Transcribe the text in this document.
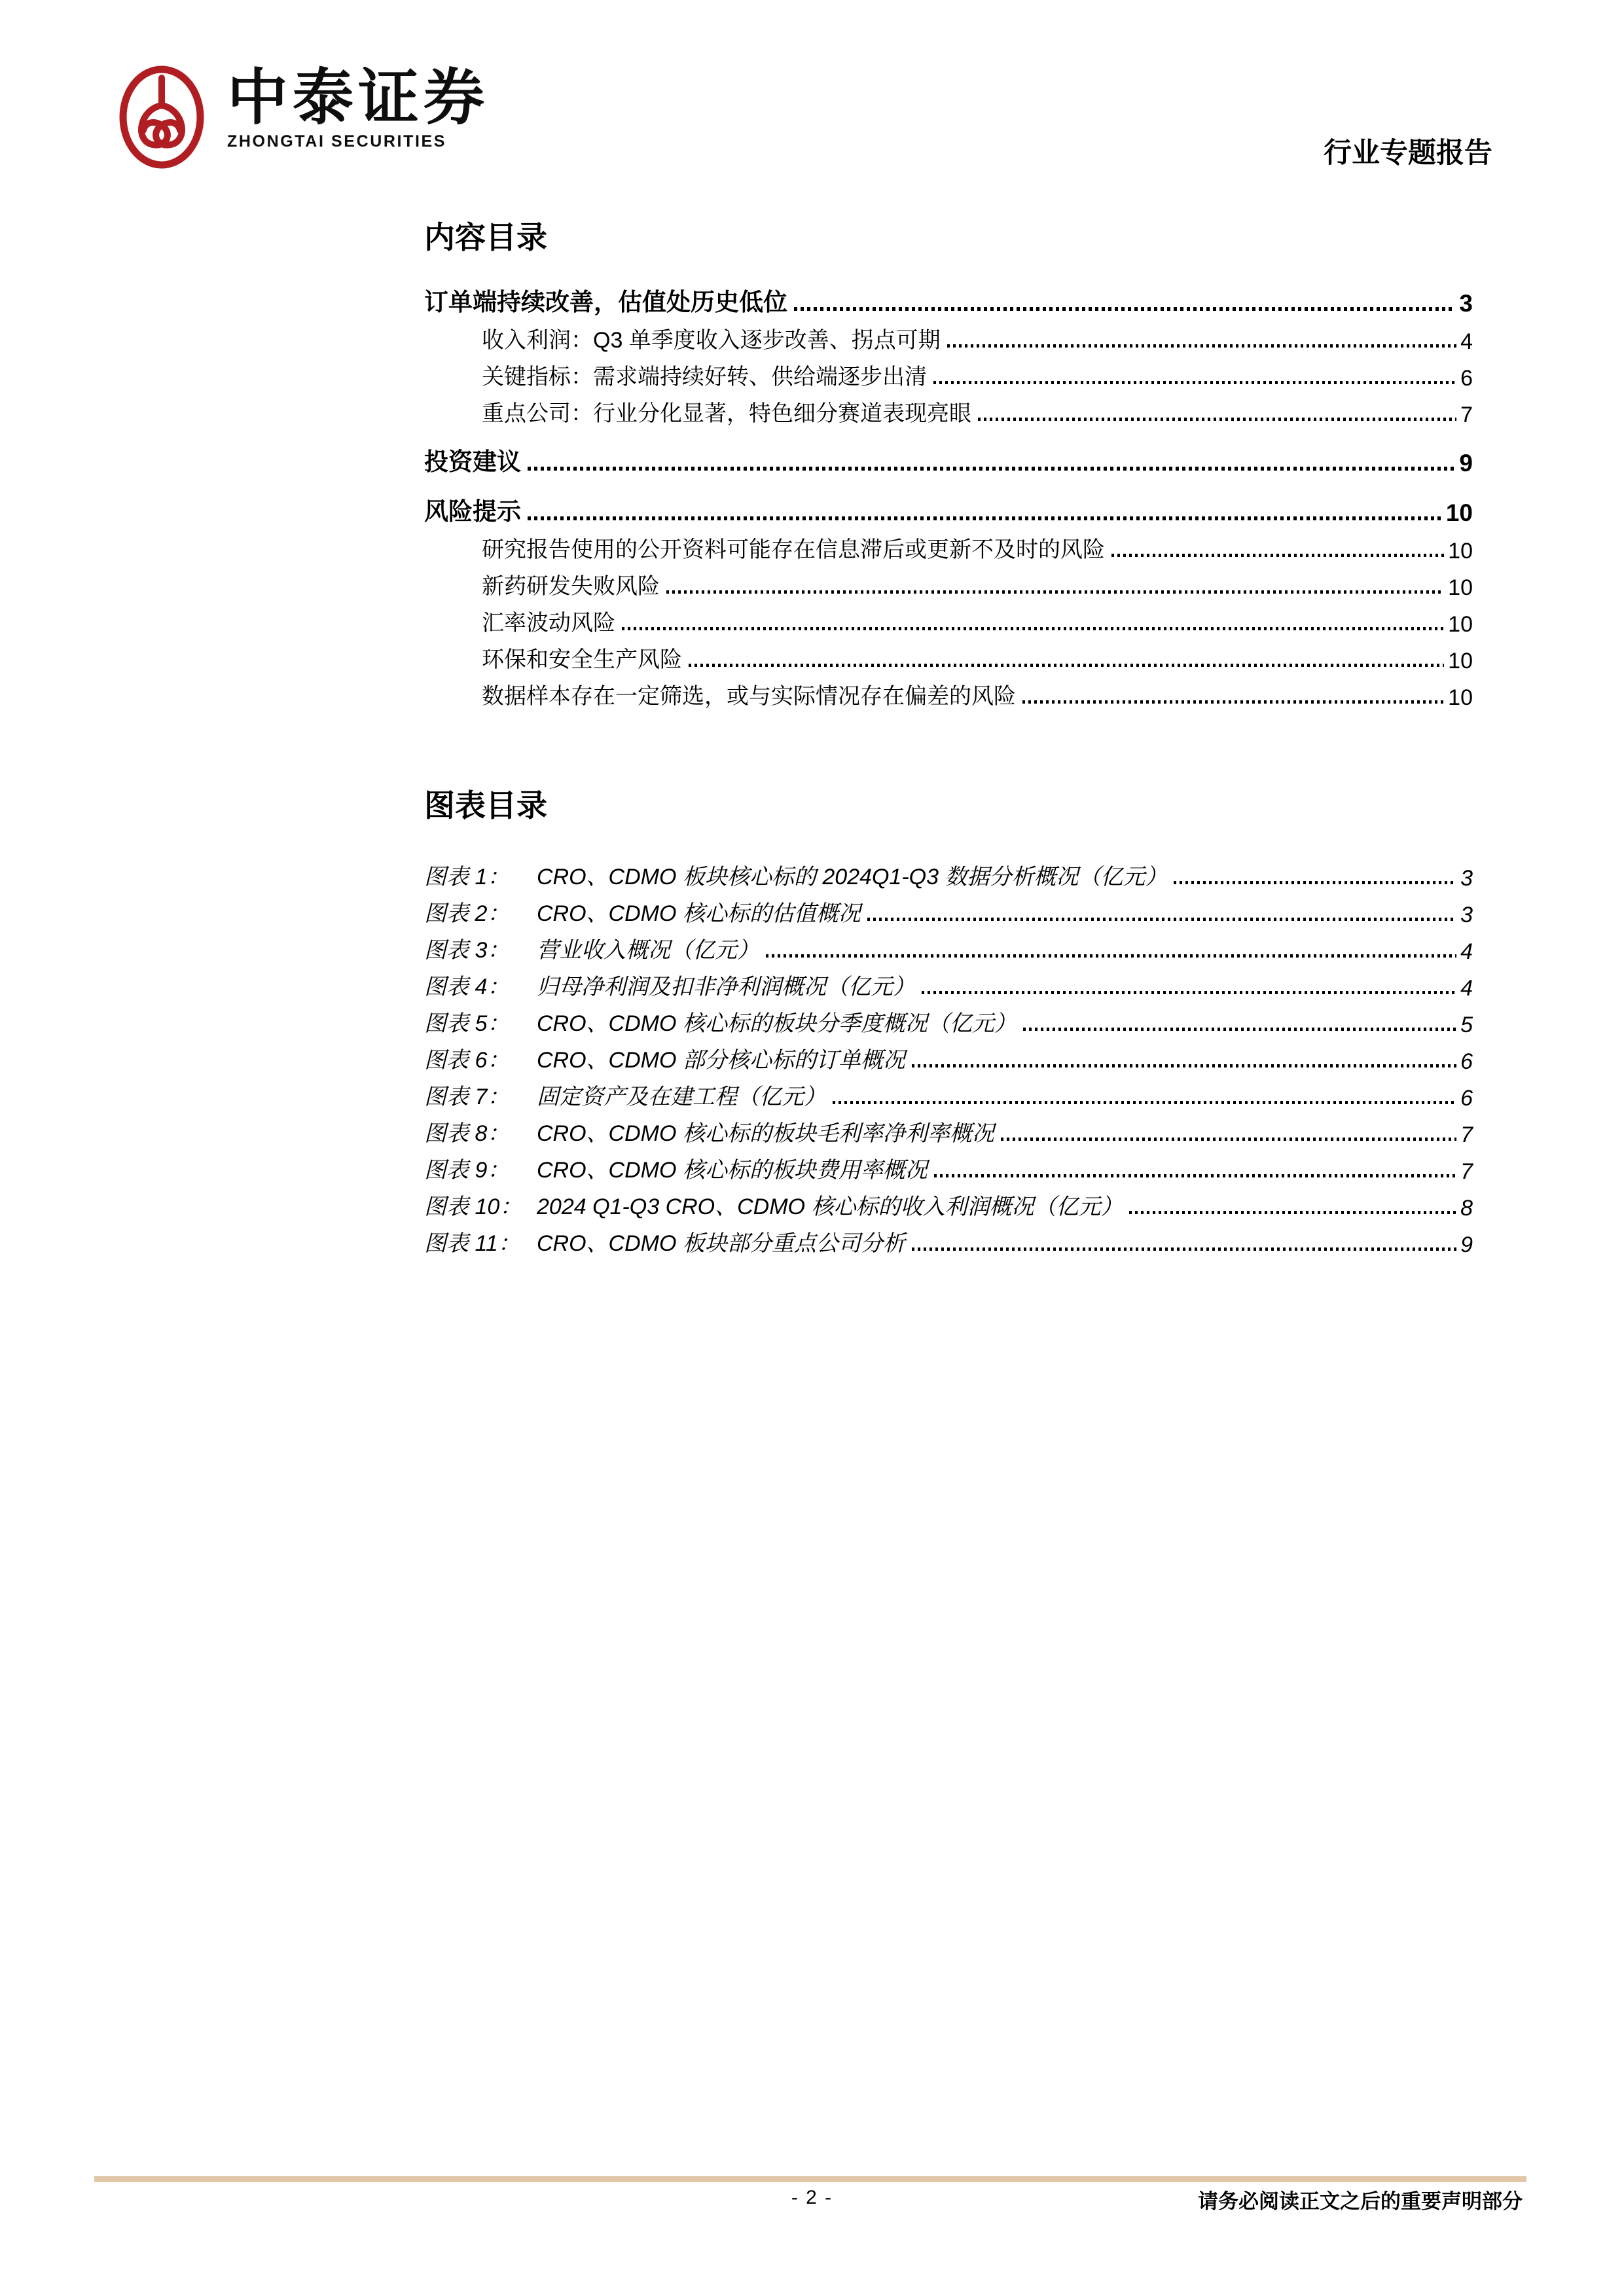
中泰证券
ZHONGTAI SECURITIES	行业专题报告
内容目录
订单端持续改善，估值处历史低位	3
收入利润：Q3 单季度收入逐步改善、拐点可期	4
关键指标：需求端持续好转、供给端逐步出清	6
重点公司：行业分化显著，特色细分赛道表现亮眼	7
投资建议	9
风险提示	10
研究报告使用的公开资料可能存在信息滞后或更新不及时的风险	10
新药研发失败风险	10
汇率波动风险	10
环保和安全生产风险	10
数据样本存在一定筛选，或与实际情况存在偏差的风险	10
图表目录
图表 1：	CRO、CDMO 板块核心标的 2024Q1-Q3 数据分析概况（亿元）	3
图表 2：	CRO、CDMO 核心标的估值概况	3
图表 3：	营业收入概况（亿元）	4
图表 4：	归母净利润及扣非净利润概况（亿元）	4
图表 5：	CRO、CDMO 核心标的板块分季度概况（亿元）	5
图表 6：	CRO、CDMO 部分核心标的订单概况	6
图表 7：	固定资产及在建工程（亿元）	6
图表 8：	CRO、CDMO 核心标的板块毛利率净利率概况	7
图表 9：	CRO、CDMO 核心标的板块费用率概况	7
图表 10： 2024 Q1-Q3 CRO、CDMO 核心标的收入利润概况（亿元）	8
图表 11： CRO、CDMO 板块部分重点公司分析	9
- 2 -	请务必阅读正文之后的重要声明部分
